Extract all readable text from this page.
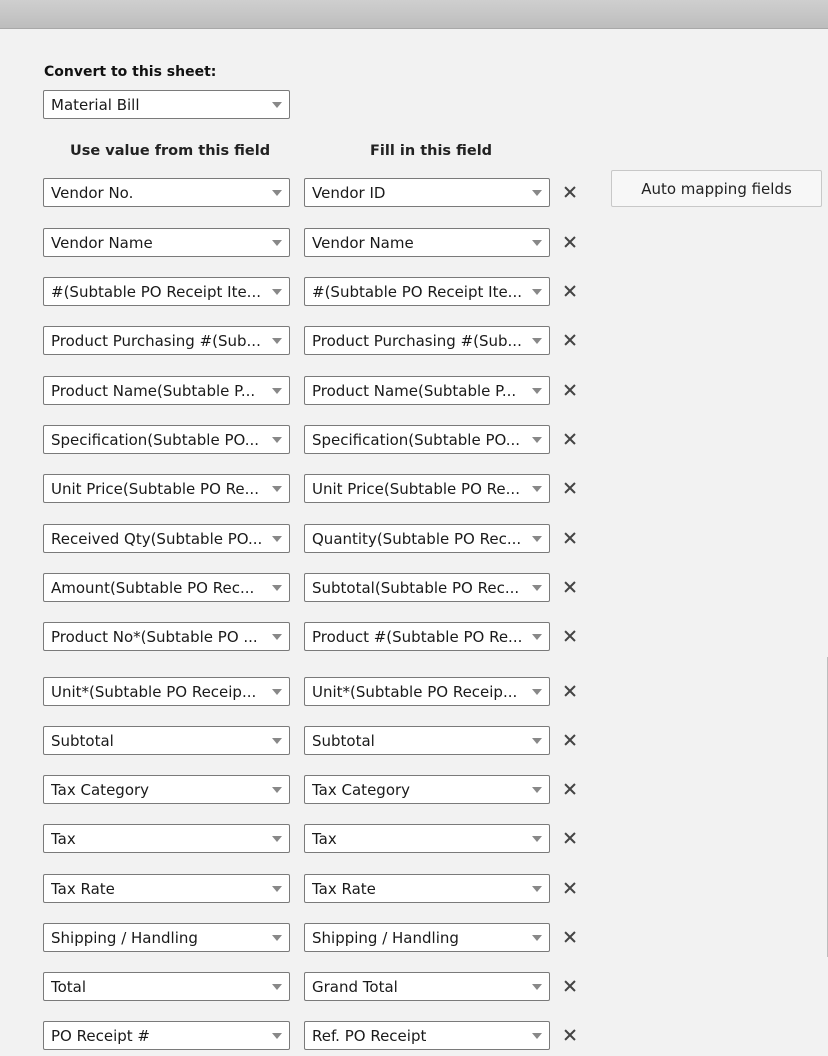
Convert to this sheet:
Material Bill
Use value from this field	Fill in this field
Auto mapping fields
Vendor No.	Vendor ID
Vendor Name	Vendor Name
#(Subtable PO Receipt Ite...	#(Subtable PO Receipt Ite...
Product Purchasing #(Sub...	Product Purchasing #(Sub...
Product Name(Subtable P...	Product Name(Subtable P...
Specification(Subtable PO...	Specification(Subtable PO...
Unit Price(Subtable PO Re...	Unit Price(Subtable PO Re...
Received Qty(Subtable PO...	Quantity(Subtable PO Rec...
Amount(Subtable PO Rec...	Subtotal(Subtable PO Rec...
Product No*(Subtable PO ...	Product #(Subtable PO Re...
Unit*(Subtable PO Receip...	Unit*(Subtable PO Receip...
Subtotal	Subtotal
Tax Category	Tax Category
Tax	Tax
Tax Rate	Tax Rate
Shipping / Handling	Shipping / Handling
Total	Grand Total
PO Receipt #	Ref. PO Receipt
